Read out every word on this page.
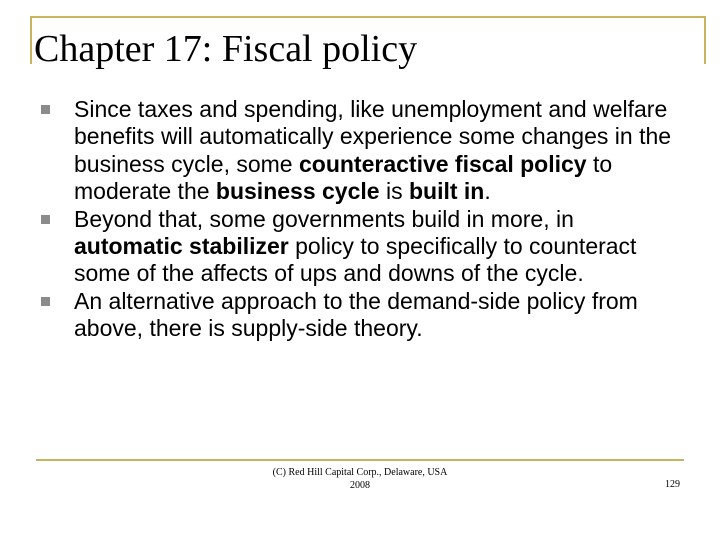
Chapter 17: Fiscal policy
Since taxes and spending, like unemployment and welfare benefits will automatically experience some changes in the business cycle, some counteractive fiscal policy to moderate the business cycle is built in.
Beyond that, some governments build in more, in automatic stabilizer policy to specifically to counteract some of the affects of ups and downs of the cycle.
An alternative approach to the demand-side policy from above, there is supply-side theory.
(C) Red Hill Capital Corp., Delaware, USA
2008	129
